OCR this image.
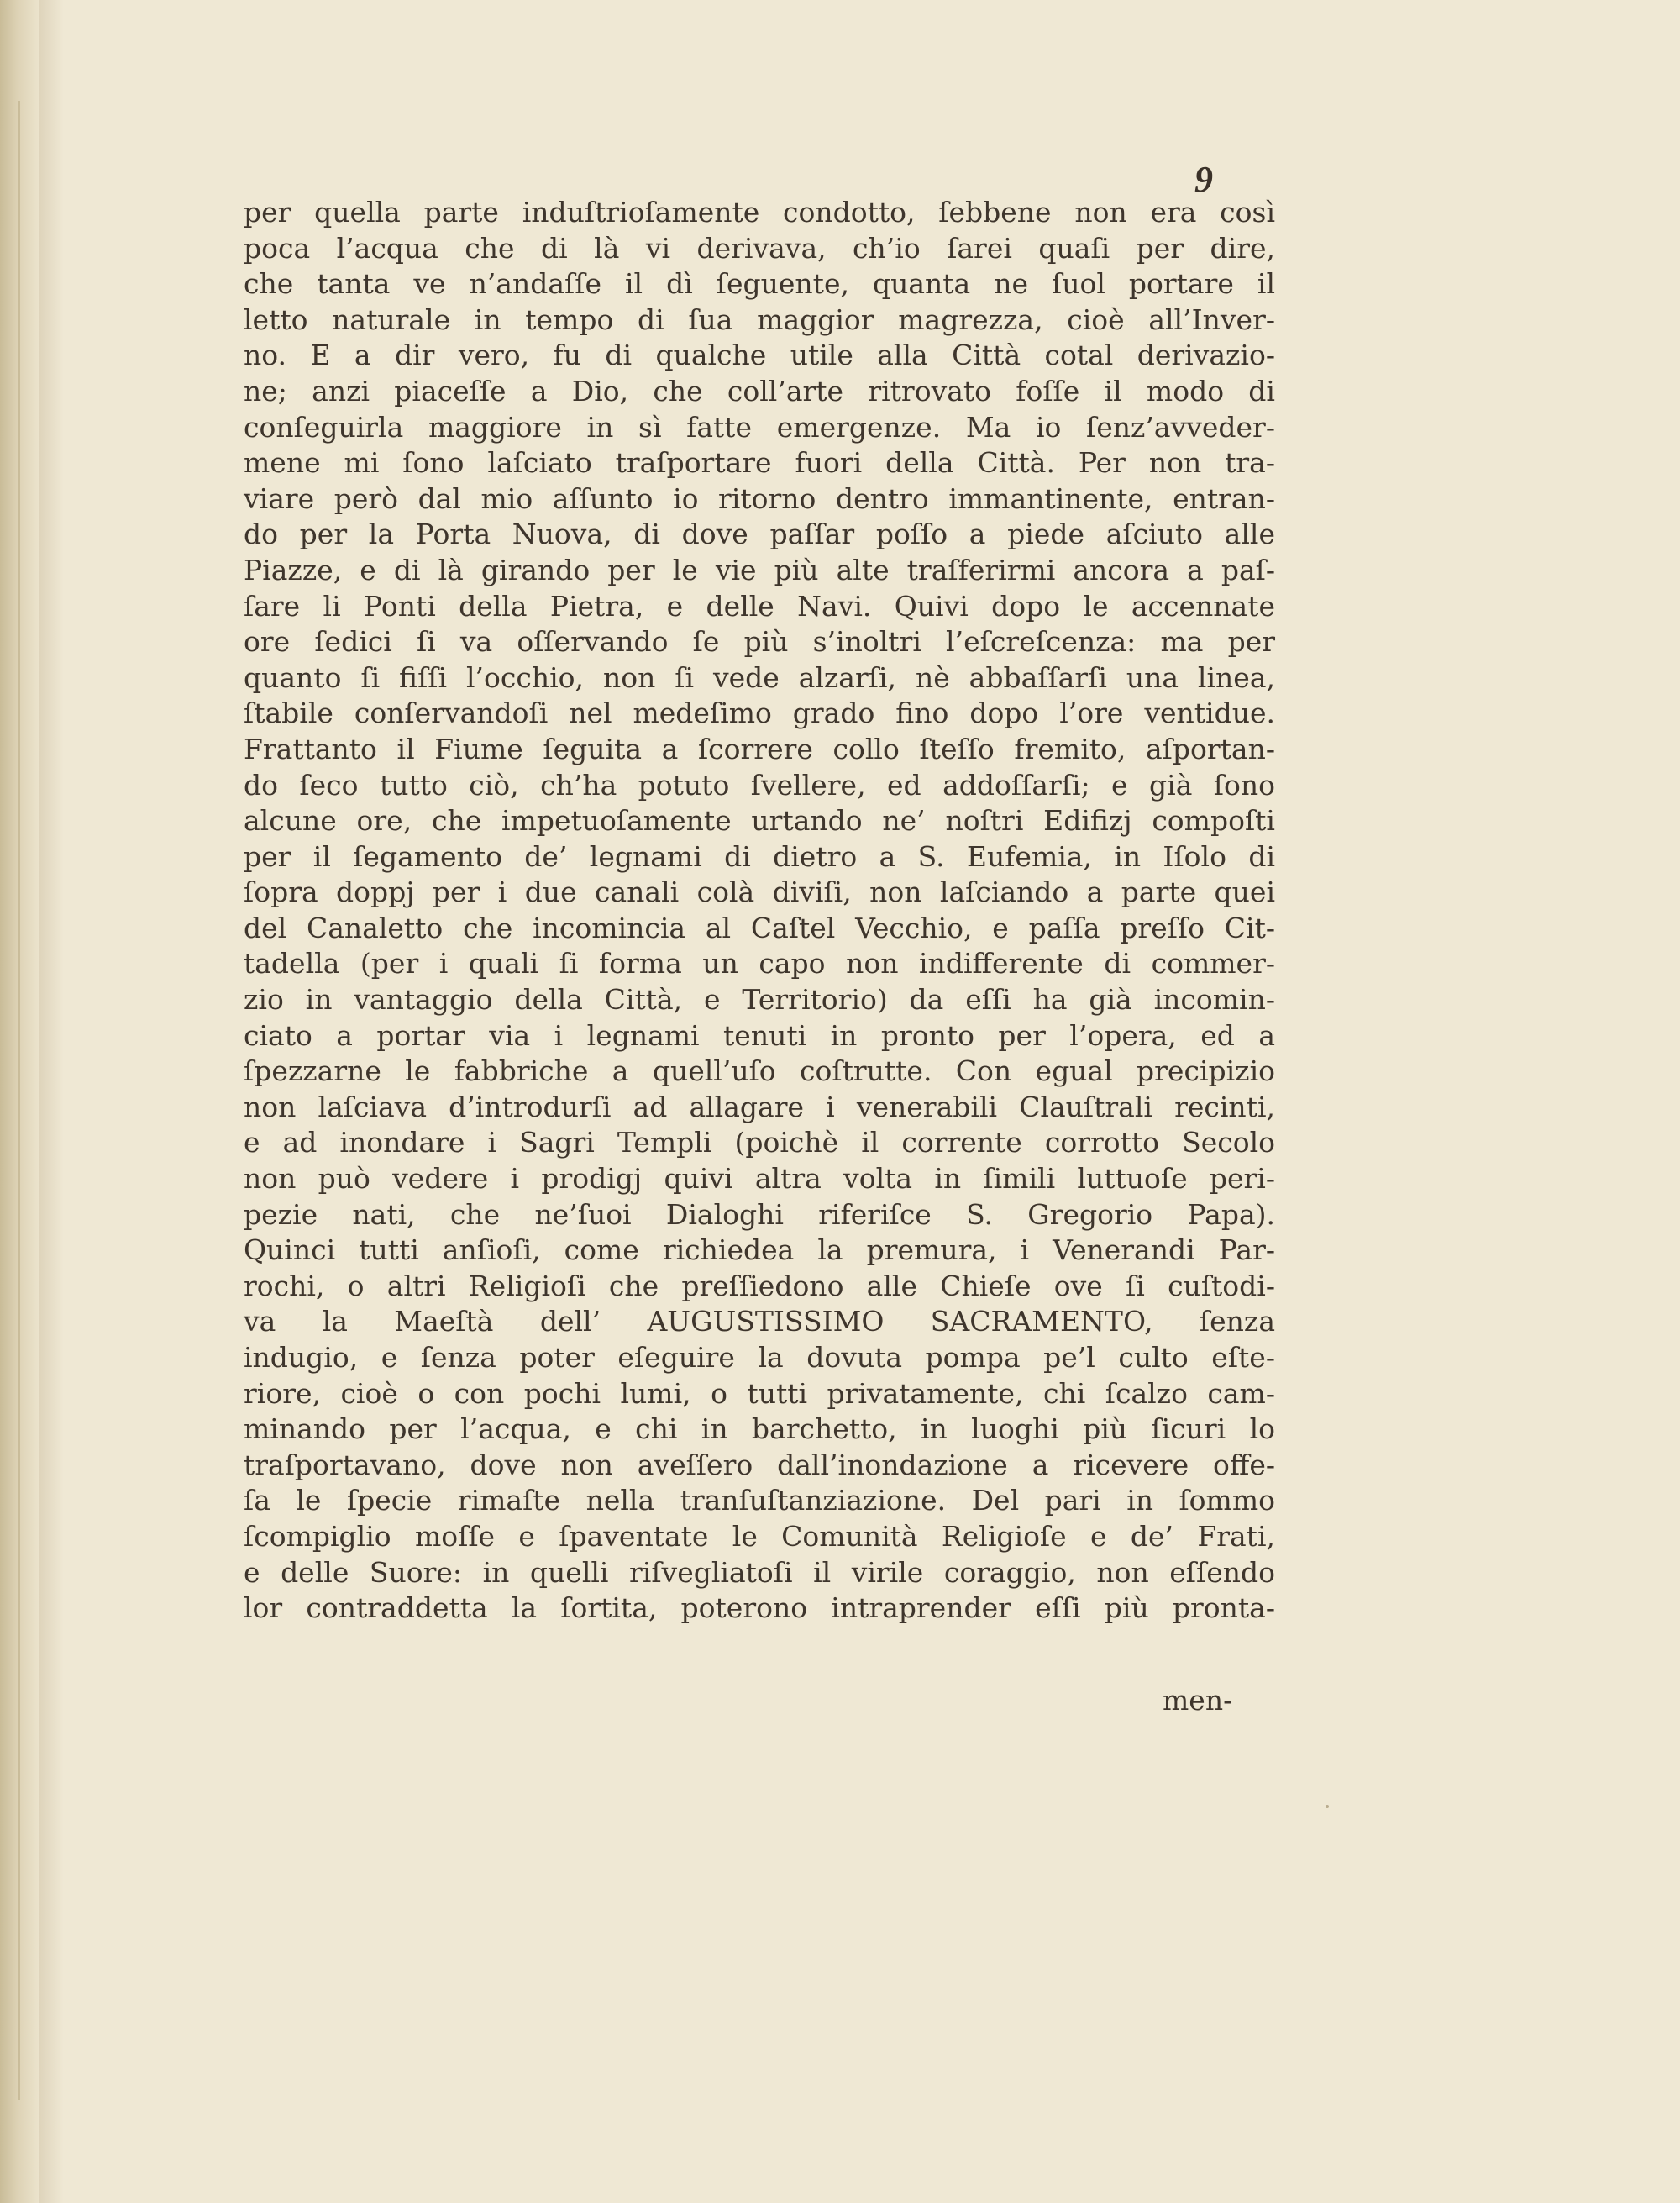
9
per quella parte induſtrioſamente condotto, ſebbene non era così
poca l’acqua che di là vi derivava, ch’io ſarei quaſi per dire,
che tanta ve n’andaſſe il dì ſeguente, quanta ne ſuol portare il
letto naturale in tempo di ſua maggior magrezza, cioè all’Inver-
no. E a dir vero, fu di qualche utile alla Città cotal derivazio-
ne; anzi piaceſſe a Dio, che coll’arte ritrovato foſſe il modo di
conſeguirla maggiore in sì fatte emergenze. Ma io ſenz’avveder-
mene mi ſono laſciato traſportare fuori della Città. Per non tra-
viare però dal mio aſſunto io ritorno dentro immantinente, entran-
do per la Porta Nuova, di dove paſſar poſſo a piede aſciuto alle
Piazze, e di là girando per le vie più alte traſferirmi ancora a paſ-
ſare li Ponti della Pietra, e delle Navi. Quivi dopo le accennate
ore ſedici ſi va oſſervando ſe più s’inoltri l’eſcreſcenza: ma per
quanto ſi fiſſi l’occhio, non ſi vede alzarſi, nè abbaſſarſi una linea,
ſtabile conſervandoſi nel medeſimo grado fino dopo l’ore ventidue.
Frattanto il Fiume ſeguita a ſcorrere collo ſteſſo fremito, aſportan-
do ſeco tutto ciò, ch’ha potuto ſvellere, ed addoſſarſi; e già ſono
alcune ore, che impetuoſamente urtando ne’ noſtri Edifizj compoſti
per il ſegamento de’ legnami di dietro a S. Eufemia, in Iſolo di
ſopra doppj per i due canali colà diviſi, non laſciando a parte quei
del Canaletto che incomincia al Caſtel Vecchio, e paſſa preſſo Cit-
tadella (per i quali ſi forma un capo non indifferente di commer-
zio in vantaggio della Città, e Territorio) da eſſi ha già incomin-
ciato a portar via i legnami tenuti in pronto per l’opera, ed a
ſpezzarne le fabbriche a quell’uſo coſtrutte. Con egual precipizio
non laſciava d’introdurſi ad allagare i venerabili Clauſtrali recinti,
e ad inondare i Sagri Templi (poichè il corrente corrotto Secolo
non può vedere i prodigj quivi altra volta in ſimili luttuoſe peri-
pezie nati, che ne’ſuoi Dialoghi riferiſce S. Gregorio Papa).
Quinci tutti anſioſi, come richiedea la premura, i Venerandi Par-
rochi, o altri Religioſi che preſſiedono alle Chieſe ove ſi cuſtodi-
va la Maeſtà dell’ AUGUSTISSIMO SACRAMENTO, ſenza
indugio, e ſenza poter eſeguire la dovuta pompa pe’l culto eſte-
riore, cioè o con pochi lumi, o tutti privatamente, chi ſcalzo cam-
minando per l’acqua, e chi in barchetto, in luoghi più ſicuri lo
traſportavano, dove non aveſſero dall’inondazione a ricevere offe-
ſa le ſpecie rimaſte nella tranſuſtanziazione. Del pari in ſommo
ſcompiglio moſſe e ſpaventate le Comunità Religioſe e de’ Frati,
e delle Suore: in quelli riſvegliatoſi il virile coraggio, non eſſendo
lor contraddetta la ſortita, poterono intraprender eſſi più prontа-
men-
